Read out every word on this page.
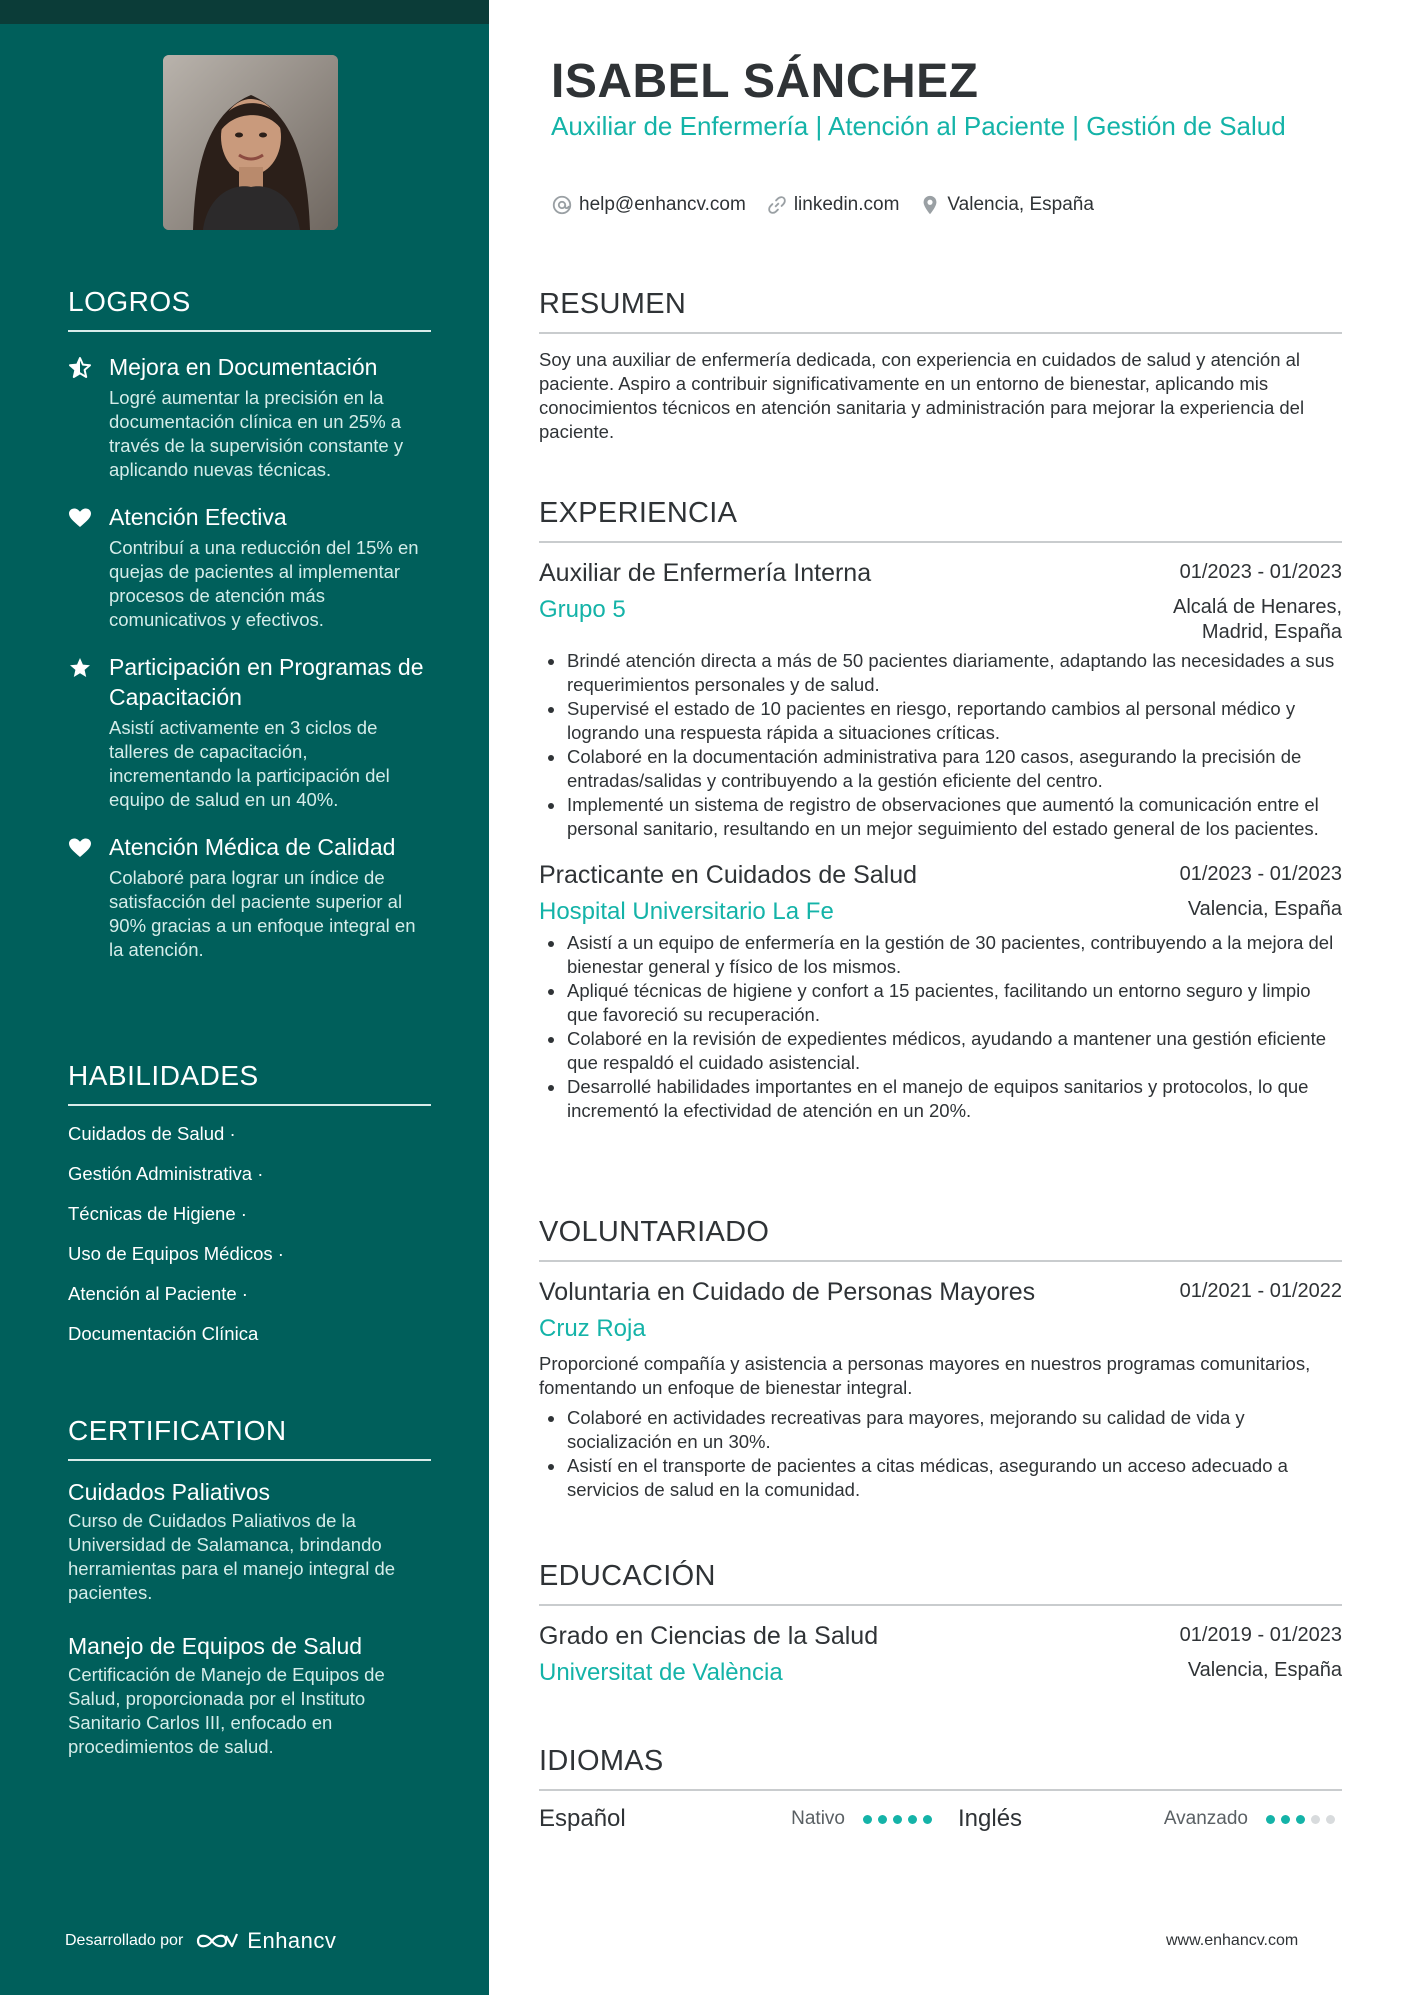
LOGROS
Mejora en Documentación
Logré aumentar la precisión en la documentación clínica en un 25% a través de la supervisión constante y aplicando nuevas técnicas.
Atención Efectiva
Contribuí a una reducción del 15% en quejas de pacientes al implementar procesos de atención más comunicativos y efectivos.
Participación en Programas de Capacitación
Asistí activamente en 3 ciclos de talleres de capacitación, incrementando la participación del equipo de salud en un 40%.
Atención Médica de Calidad
Colaboré para lograr un índice de satisfacción del paciente superior al 90% gracias a un enfoque integral en la atención.
HABILIDADES
Cuidados de Salud ·
Gestión Administrativa ·
Técnicas de Higiene ·
Uso de Equipos Médicos ·
Atención al Paciente ·
Documentación Clínica
CERTIFICATION
Cuidados Paliativos
Curso de Cuidados Paliativos de la Universidad de Salamanca, brindando herramientas para el manejo integral de pacientes.
Manejo de Equipos de Salud
Certificación de Manejo de Equipos de Salud, proporcionada por el Instituto Sanitario Carlos III, enfocado en procedimientos de salud.
Desarrollado por	Enhancv
ISABEL SÁNCHEZ
Auxiliar de Enfermería | Atención al Paciente | Gestión de Salud
help@enhancv.com	linkedin.com	Valencia, España
RESUMEN
Soy una auxiliar de enfermería dedicada, con experiencia en cuidados de salud y atención al paciente. Aspiro a contribuir significativamente en un entorno de bienestar, aplicando mis conocimientos técnicos en atención sanitaria y administración para mejorar la experiencia del paciente.
EXPERIENCIA
Auxiliar de Enfermería Interna	01/2023 - 01/2023
Grupo 5	Alcalá de Henares, Madrid, España
Brindé atención directa a más de 50 pacientes diariamente, adaptando las necesidades a sus requerimientos personales y de salud.
Supervisé el estado de 10 pacientes en riesgo, reportando cambios al personal médico y logrando una respuesta rápida a situaciones críticas.
Colaboré en la documentación administrativa para 120 casos, asegurando la precisión de entradas/salidas y contribuyendo a la gestión eficiente del centro.
Implementé un sistema de registro de observaciones que aumentó la comunicación entre el personal sanitario, resultando en un mejor seguimiento del estado general de los pacientes.
Practicante en Cuidados de Salud	01/2023 - 01/2023
Hospital Universitario La Fe	Valencia, España
Asistí a un equipo de enfermería en la gestión de 30 pacientes, contribuyendo a la mejora del bienestar general y físico de los mismos.
Apliqué técnicas de higiene y confort a 15 pacientes, facilitando un entorno seguro y limpio que favoreció su recuperación.
Colaboré en la revisión de expedientes médicos, ayudando a mantener una gestión eficiente que respaldó el cuidado asistencial.
Desarrollé habilidades importantes en el manejo de equipos sanitarios y protocolos, lo que incrementó la efectividad de atención en un 20%.
VOLUNTARIADO
Voluntaria en Cuidado de Personas Mayores	01/2021 - 01/2022
Cruz Roja
Proporcioné compañía y asistencia a personas mayores en nuestros programas comunitarios, fomentando un enfoque de bienestar integral.
Colaboré en actividades recreativas para mayores, mejorando su calidad de vida y socialización en un 30%.
Asistí en el transporte de pacientes a citas médicas, asegurando un acceso adecuado a servicios de salud en la comunidad.
EDUCACIÓN
Grado en Ciencias de la Salud	01/2019 - 01/2023
Universitat de València	Valencia, España
IDIOMAS
Español	Nativo	Inglés	Avanzado
www.enhancv.com
